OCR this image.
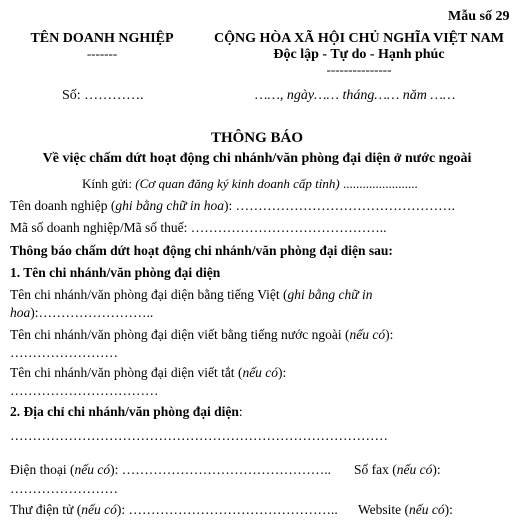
Mẫu số 29
TÊN DOANH NGHIỆP
-------
Số: ………….
CỘNG HÒA XÃ HỘI CHỦ NGHĨA VIỆT NAM
Độc lập - Tự do - Hạnh phúc
---------------
……, ngày…… tháng…… năm ……
THÔNG BÁO
Về việc chấm dứt hoạt động chi nhánh/văn phòng đại diện ở nước ngoài
Kính gửi: (Cơ quan đăng ký kinh doanh cấp tỉnh) .......................
Tên doanh nghiệp (ghi bằng chữ in hoa): ………………………………………….
Mã số doanh nghiệp/Mã số thuế: ……………………………………..
Thông báo chấm dứt hoạt động chi nhánh/văn phòng đại diện sau:
1. Tên chi nhánh/văn phòng đại diện
Tên chi nhánh/văn phòng đại diện bằng tiếng Việt (ghi bằng chữ in
hoa):……………………..
Tên chi nhánh/văn phòng đại diện viết bằng tiếng nước ngoài (nếu có):
……………………
Tên chi nhánh/văn phòng đại diện viết tắt (nếu có):
……………………………
2. Địa chỉ chi nhánh/văn phòng đại diện:
…………………………………………………………………………
Điện thoại (nếu có): ……………………………………….. Số fax (nếu có):
……………………
Thư điện tử (nếu có): ……………………………………….. Website (nếu có):
